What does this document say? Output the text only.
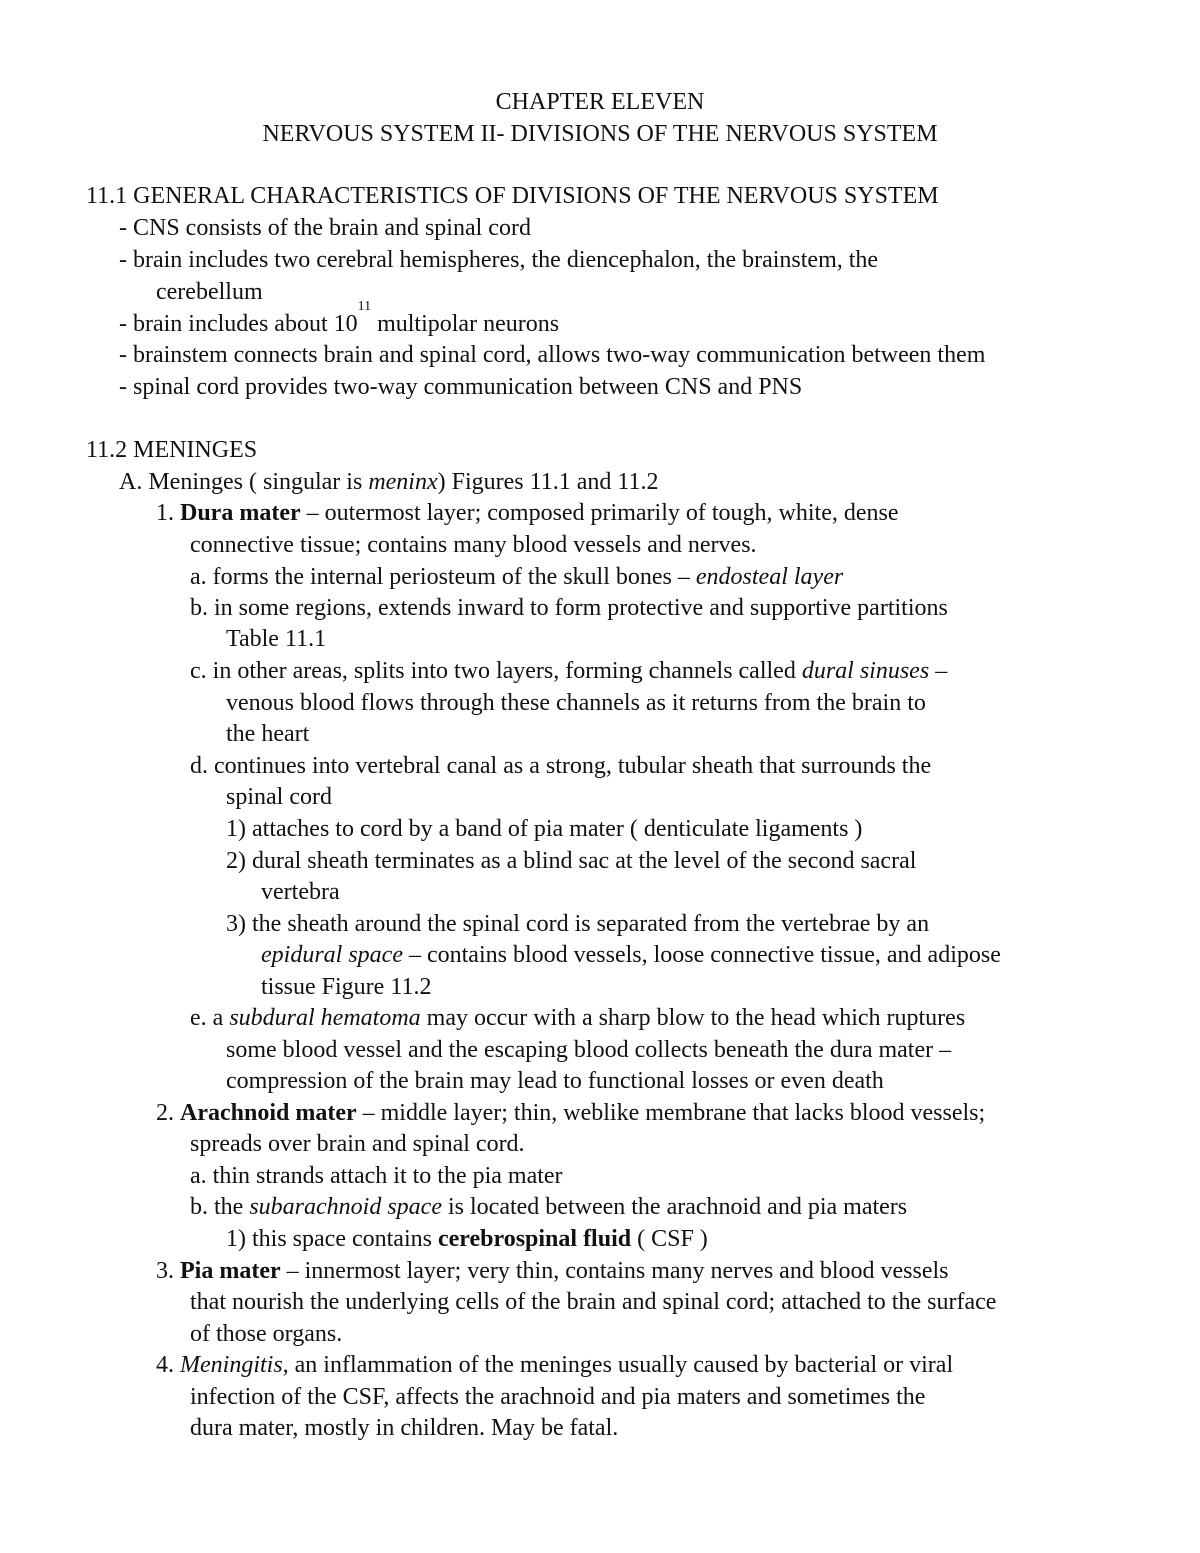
CHAPTER ELEVEN
NERVOUS SYSTEM II- DIVISIONS OF THE NERVOUS SYSTEM
11.1 GENERAL CHARACTERISTICS OF DIVISIONS OF THE NERVOUS SYSTEM
- CNS consists of the brain and spinal cord
- brain includes two cerebral hemispheres, the diencephalon, the brainstem, the
cerebellum
- brain includes about $10^{11}$ multipolar neurons
- brainstem connects brain and spinal cord, allows two-way communication between them
- spinal cord provides two-way communication between CNS and PNS
11.2 MENINGES
A. Meninges ( singular is meninx) Figures 11.1 and 11.2
1. Dura mater – outermost layer; composed primarily of tough, white, dense
connective tissue; contains many blood vessels and nerves.
a. forms the internal periosteum of the skull bones – endosteal layer
b. in some regions, extends inward to form protective and supportive partitions
Table 11.1
c. in other areas, splits into two layers, forming channels called dural sinuses –
venous blood flows through these channels as it returns from the brain to
the heart
d. continues into vertebral canal as a strong, tubular sheath that surrounds the
spinal cord
1) attaches to cord by a band of pia mater ( denticulate ligaments )
2) dural sheath terminates as a blind sac at the level of the second sacral
vertebra
3) the sheath around the spinal cord is separated from the vertebrae by an
epidural space – contains blood vessels, loose connective tissue, and adipose
tissue Figure 11.2
e. a subdural hematoma may occur with a sharp blow to the head which ruptures
some blood vessel and the escaping blood collects beneath the dura mater –
compression of the brain may lead to functional losses or even death
2. Arachnoid mater – middle layer; thin, weblike membrane that lacks blood vessels;
spreads over brain and spinal cord.
a. thin strands attach it to the pia mater
b. the subarachnoid space is located between the arachnoid and pia maters
1) this space contains cerebrospinal fluid ( CSF )
3. Pia mater – innermost layer; very thin, contains many nerves and blood vessels
that nourish the underlying cells of the brain and spinal cord; attached to the surface
of those organs.
4. Meningitis, an inflammation of the meninges usually caused by bacterial or viral
infection of the CSF, affects the arachnoid and pia maters and sometimes the
dura mater, mostly in children. May be fatal.
